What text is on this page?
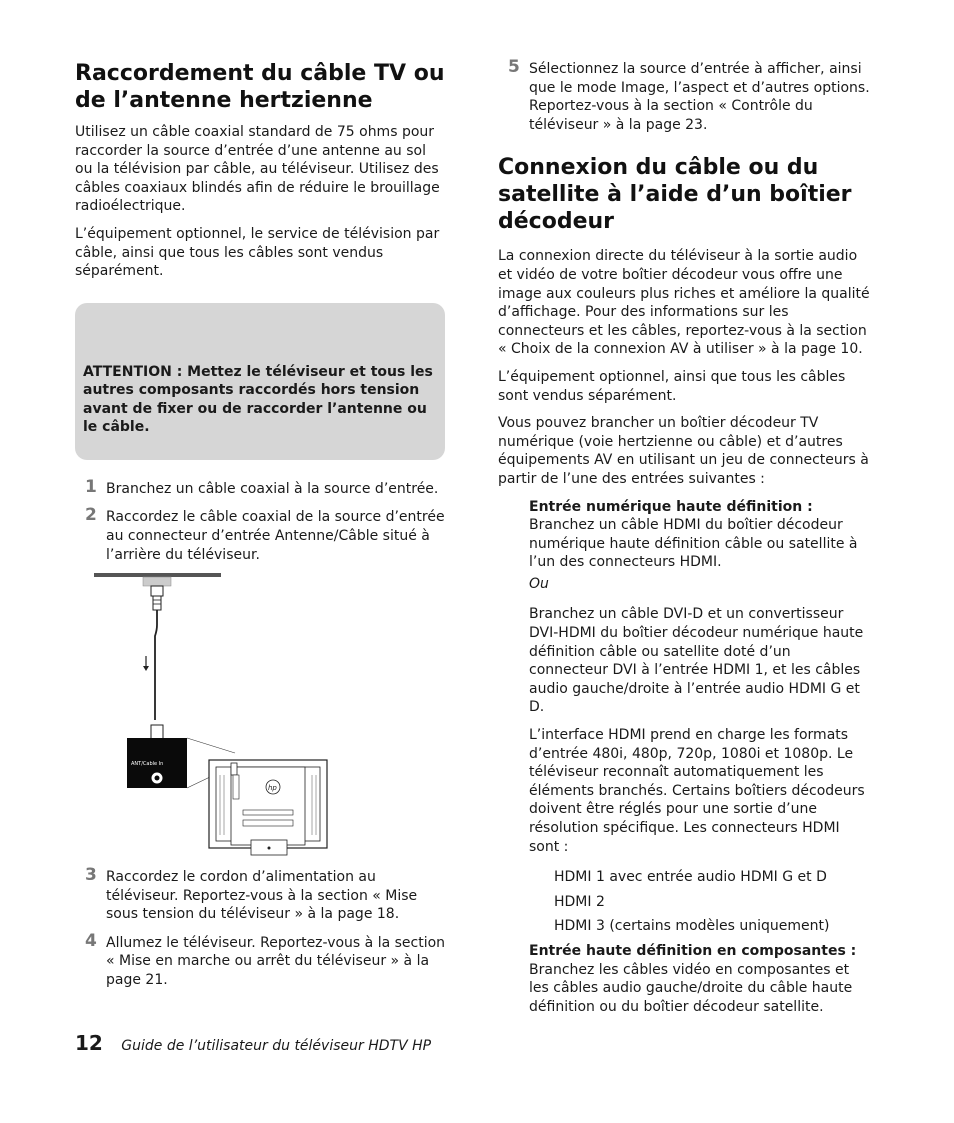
Raccordement du câble TV ou de l’antenne hertzienne

Utilisez un câble coaxial standard de 75 ohms pour raccorder la source d’entrée d’une antenne au sol ou la télévision par câble, au téléviseur. Utilisez des câbles coaxiaux blindés afin de réduire le brouillage radioélectrique.

L’équipement optionnel, le service de télévision par câble, ainsi que tous les câbles sont vendus séparément.

ATTENTION : Mettez le téléviseur et tous les autres composants raccordés hors tension avant de fixer ou de raccorder l’antenne ou le câble.

1 Branchez un câble coaxial à la source d’entrée.

2 Raccordez le câble coaxial de la source d’entrée au connecteur d’entrée Antenne/Câble situé à l’arrière du téléviseur.

3 Raccordez le cordon d’alimentation au téléviseur. Reportez-vous à la section « Mise sous tension du téléviseur » à la page 18.

4 Allumez le téléviseur. Reportez-vous à la section « Mise en marche ou arrêt du téléviseur » à la page 21.

ANT/Cable In
hp
5 Sélectionnez la source d’entrée à afficher, ainsi que le mode Image, l’aspect et d’autres options. Reportez-vous à la section « Contrôle du téléviseur » à la page 23.

Connexion du câble ou du satellite à l’aide d’un boîtier décodeur

La connexion directe du téléviseur à la sortie audio et vidéo de votre boîtier décodeur vous offre une image aux couleurs plus riches et améliore la qualité d’affichage. Pour des informations sur les connecteurs et les câbles, reportez-vous à la section « Choix de la connexion AV à utiliser » à la page 10.

L’équipement optionnel, ainsi que tous les câbles sont vendus séparément.

Vous pouvez brancher un boîtier décodeur TV numérique (voie hertzienne ou câble) et d’autres équipements AV en utilisant un jeu de connecteurs à partir de l’une des entrées suivantes :

Entrée numérique haute définition :

Branchez un câble HDMI du boîtier décodeur numérique haute définition câble ou satellite à l’un des connecteurs HDMI.

Ou

Branchez un câble DVI-D et un convertisseur DVI-HDMI du boîtier décodeur numérique haute définition câble ou satellite doté d’un connecteur DVI à l’entrée HDMI 1, et les câbles audio gauche/droite à l’entrée audio HDMI G et D.

L’interface HDMI prend en charge les formats d’entrée 480i, 480p, 720p, 1080i et 1080p. Le téléviseur reconnaît automatiquement les éléments branchés. Certains boîtiers décodeurs doivent être réglés pour une sortie d’une résolution spécifique. Les connecteurs HDMI sont :

HDMI 1 avec entrée audio HDMI G et D

HDMI 2

HDMI 3 (certains modèles uniquement)

Entrée haute définition en composantes :

Branchez les câbles vidéo en composantes et les câbles audio gauche/droite du câble haute définition ou du boîtier décodeur satellite.

12 Guide de l’utilisateur du téléviseur HDTV HP
